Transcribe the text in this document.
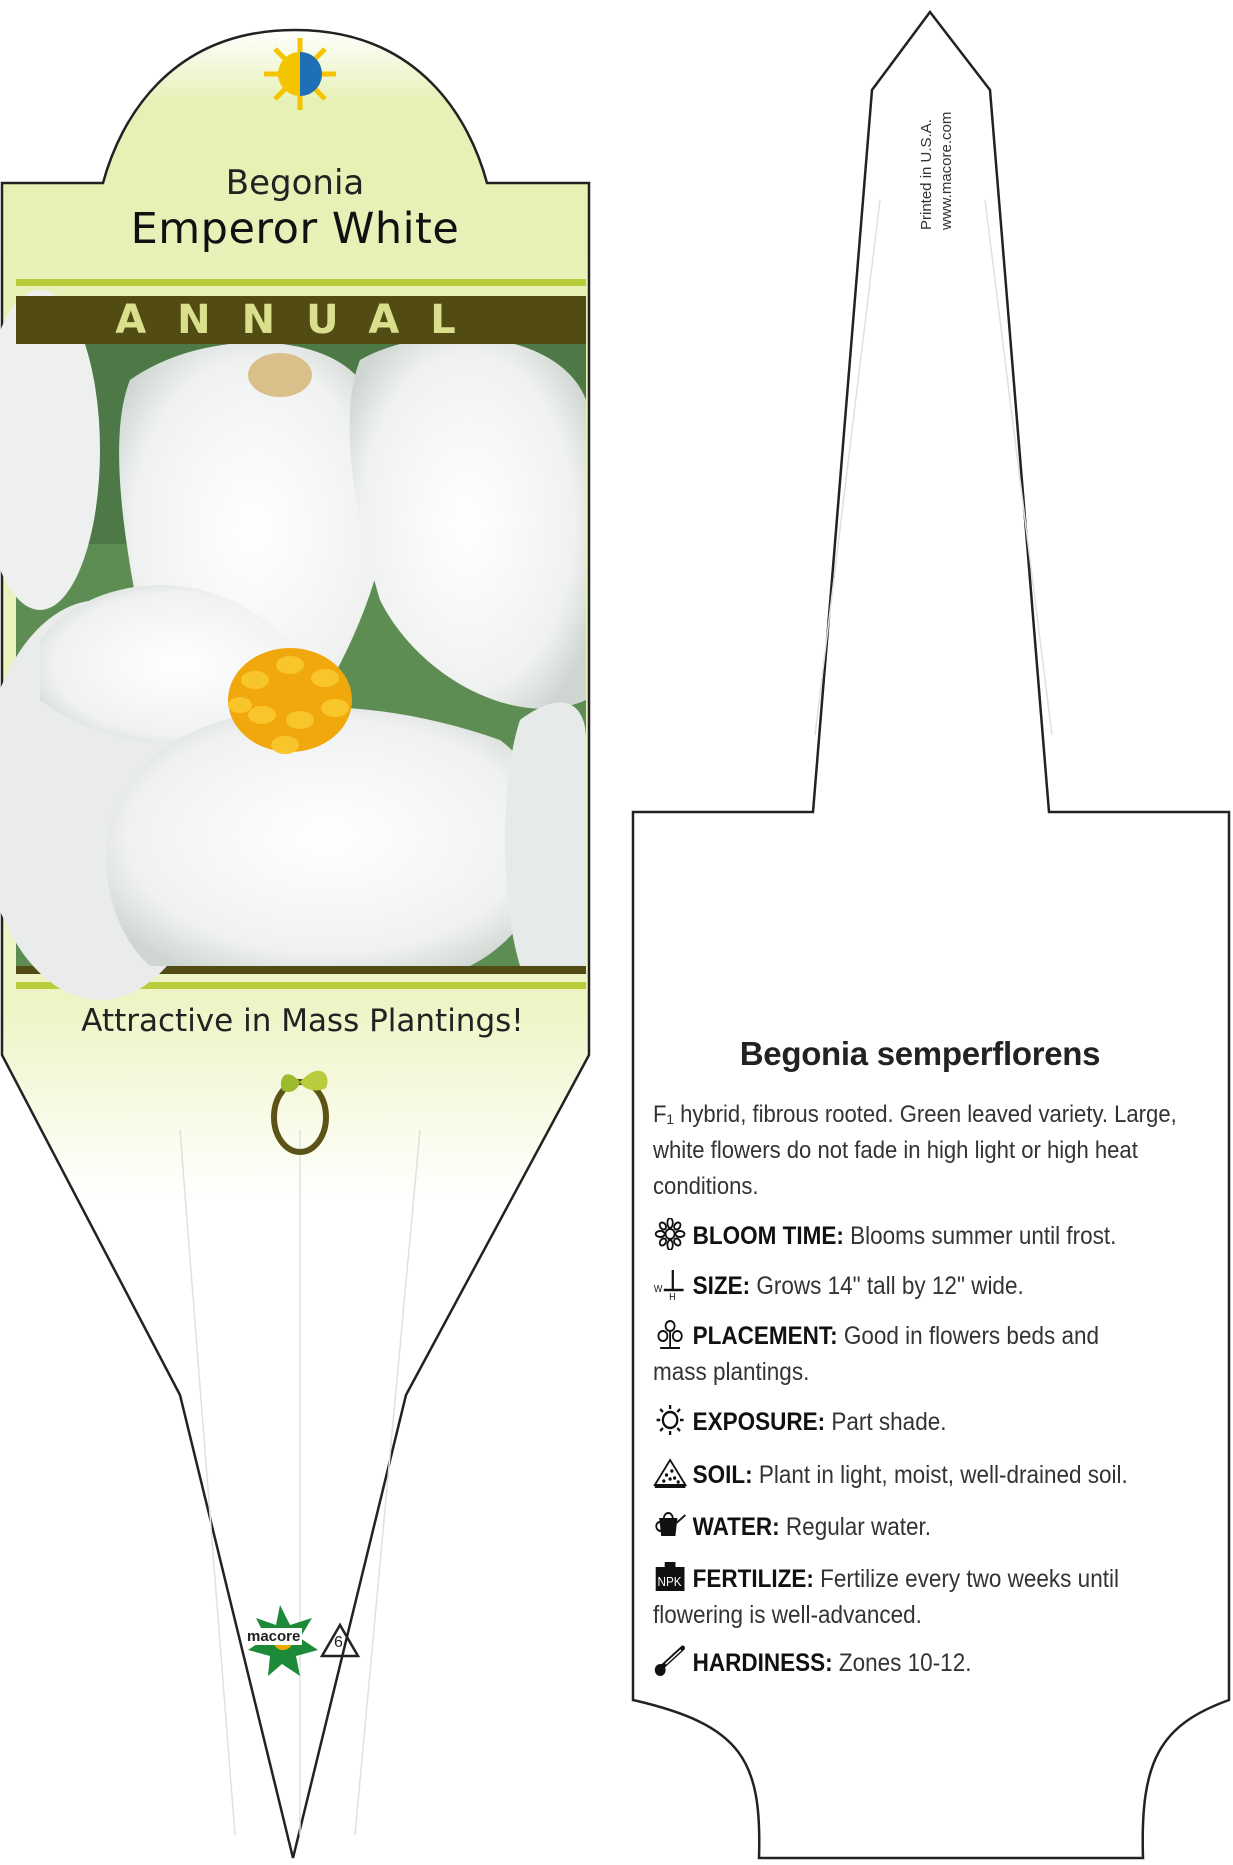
Begonia
Emperor White
ANNUAL
Attractive in Mass Plantings!
macore 6
Printed in U.S.A. www.macore.com
Begonia semperflorens
F₁ hybrid, fibrous rooted. Green leaved variety. Large, white flowers do not fade in high light or high heat conditions.
BLOOM TIME: Blooms summer until frost.
W
H SIZE: Grows 14" tall by 12" wide.
PLACEMENT: Good in flowers beds and mass plantings.
EXPOSURE: Part shade.
SOIL: Plant in light, moist, well-drained soil.
WATER: Regular water.
NPK FERTILIZE: Fertilize every two weeks until flowering is well-advanced.
HARDINESS: Zones 10-12.
